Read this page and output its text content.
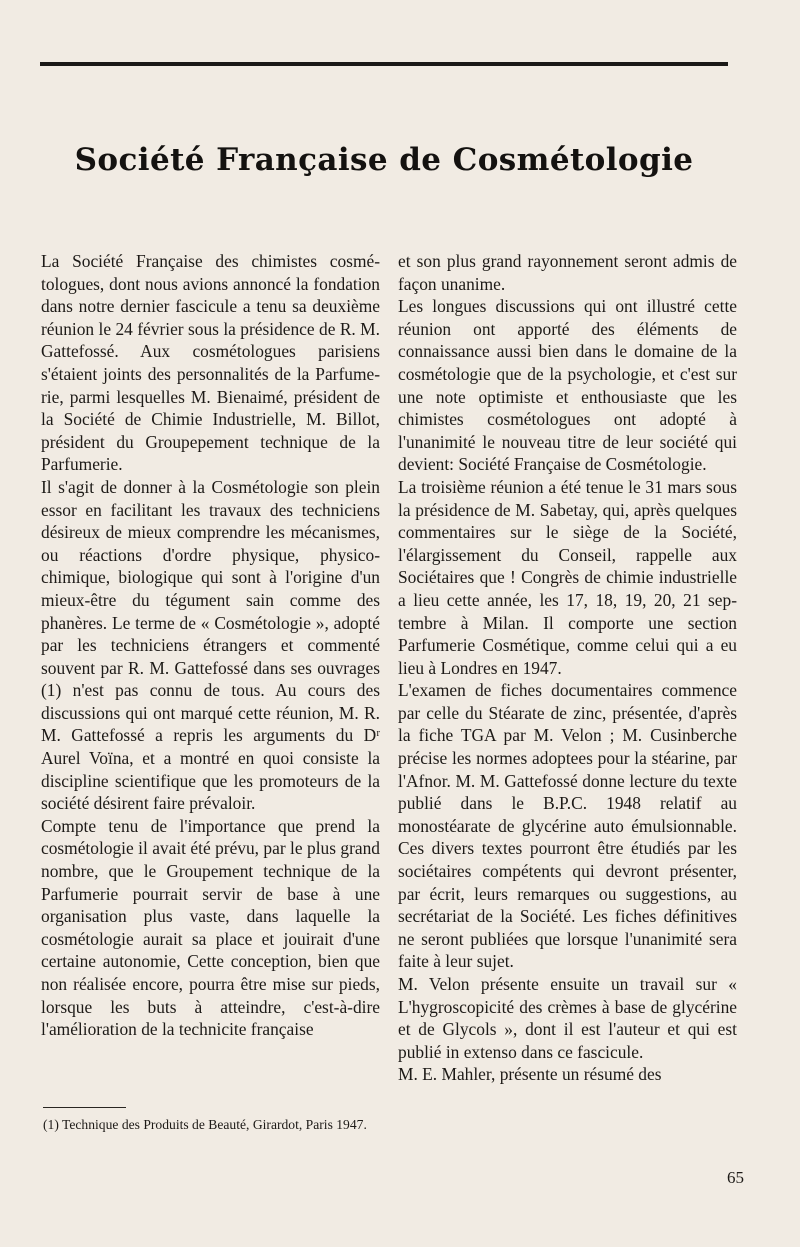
Société Française de Cosmétologie

La Société Française des chimistes cosmétologues, dont nous avions annoncé la fondation dans notre dernier fascicule a tenu sa deuxième réunion le 24 février sous la présidence de R. M. Gattefossé. Aux cosmétologues parisiens s'étaient joints des personnalités de la Parfumerie, parmi lesquelles M. Bienaimé, président de la Société de Chimie Industrielle, M. Billot, président du Groupepement technique de la Parfumerie.

Il s'agit de donner à la Cosmétologie son plein essor en facilitant les travaux des techniciens désireux de mieux comprendre les mécanismes, ou réactions d'ordre physique, physico-chimique, biologique qui sont à l'origine d'un mieux-être du tégument sain comme des phanères. Le terme de « Cosmétologie », adopté par les techniciens étrangers et commenté souvent par R. M. Gattefossé dans ses ouvrages (1) n'est pas connu de tous. Au cours des discussions qui ont marqué cette réunion, M. R. M. Gattefossé a repris les arguments du Dʳ Aurel Voïna, et a montré en quoi consiste la discipline scientifique que les promoteurs de la société désirent faire prévaloir.

Compte tenu de l'importance que prend la cosmétologie il avait été prévu, par le plus grand nombre, que le Groupement technique de la Parfumerie pourrait servir de base à une organisation plus vaste, dans laquelle la cosmétologie aurait sa place et jouirait d'une certaine autonomie, Cette conception, bien que non réalisée encore, pourra être mise sur pieds, lorsque les buts à atteindre, c'est-à-dire l'amélioration de la technicite française

et son plus grand rayonnement seront admis de façon unanime.

Les longues discussions qui ont illustré cette réunion ont apporté des éléments de connaissance aussi bien dans le domaine de la cosmétologie que de la psychologie, et c'est sur une note optimiste et enthousiaste que les chimistes cosmétologues ont adopté à l'unanimité le nouveau titre de leur société qui devient: Société Française de Cosmétologie.

La troisième réunion a été tenue le 31 mars sous la présidence de M. Sabetay, qui, après quelques commentaires sur le siège de la Société, l'élargissement du Conseil, rappelle aux Sociétaires que ! Congrès de chimie industrielle a lieu cette année, les 17, 18, 19, 20, 21 septembre à Milan. Il comporte une section Parfumerie Cosmétique, comme celui qui a eu lieu à Londres en 1947.

L'examen de fiches documentaires commence par celle du Stéarate de zinc, présentée, d'après la fiche TGA par M. Velon ; M. Cusinberche précise les normes adoptees pour la stéarine, par l'Afnor. M. M. Gattefossé donne lecture du texte publié dans le B.P.C. 1948 relatif au monostéarate de glycérine auto émulsionnable. Ces divers textes pourront être étudiés par les sociétaires compétents qui devront présenter, par écrit, leurs remarques ou suggestions, au secrétariat de la Société. Les fiches définitives ne seront publiées que lorsque l'unanimité sera faite à leur sujet.

M. Velon présente ensuite un travail sur « L'hygroscopicité des crèmes à base de glycérine et de Glycols », dont il est l'auteur et qui est publié in extenso dans ce fascicule.

M. E. Mahler, présente un résumé des

(1) Technique des Produits de Beauté, Girardot, Paris 1947.

65
